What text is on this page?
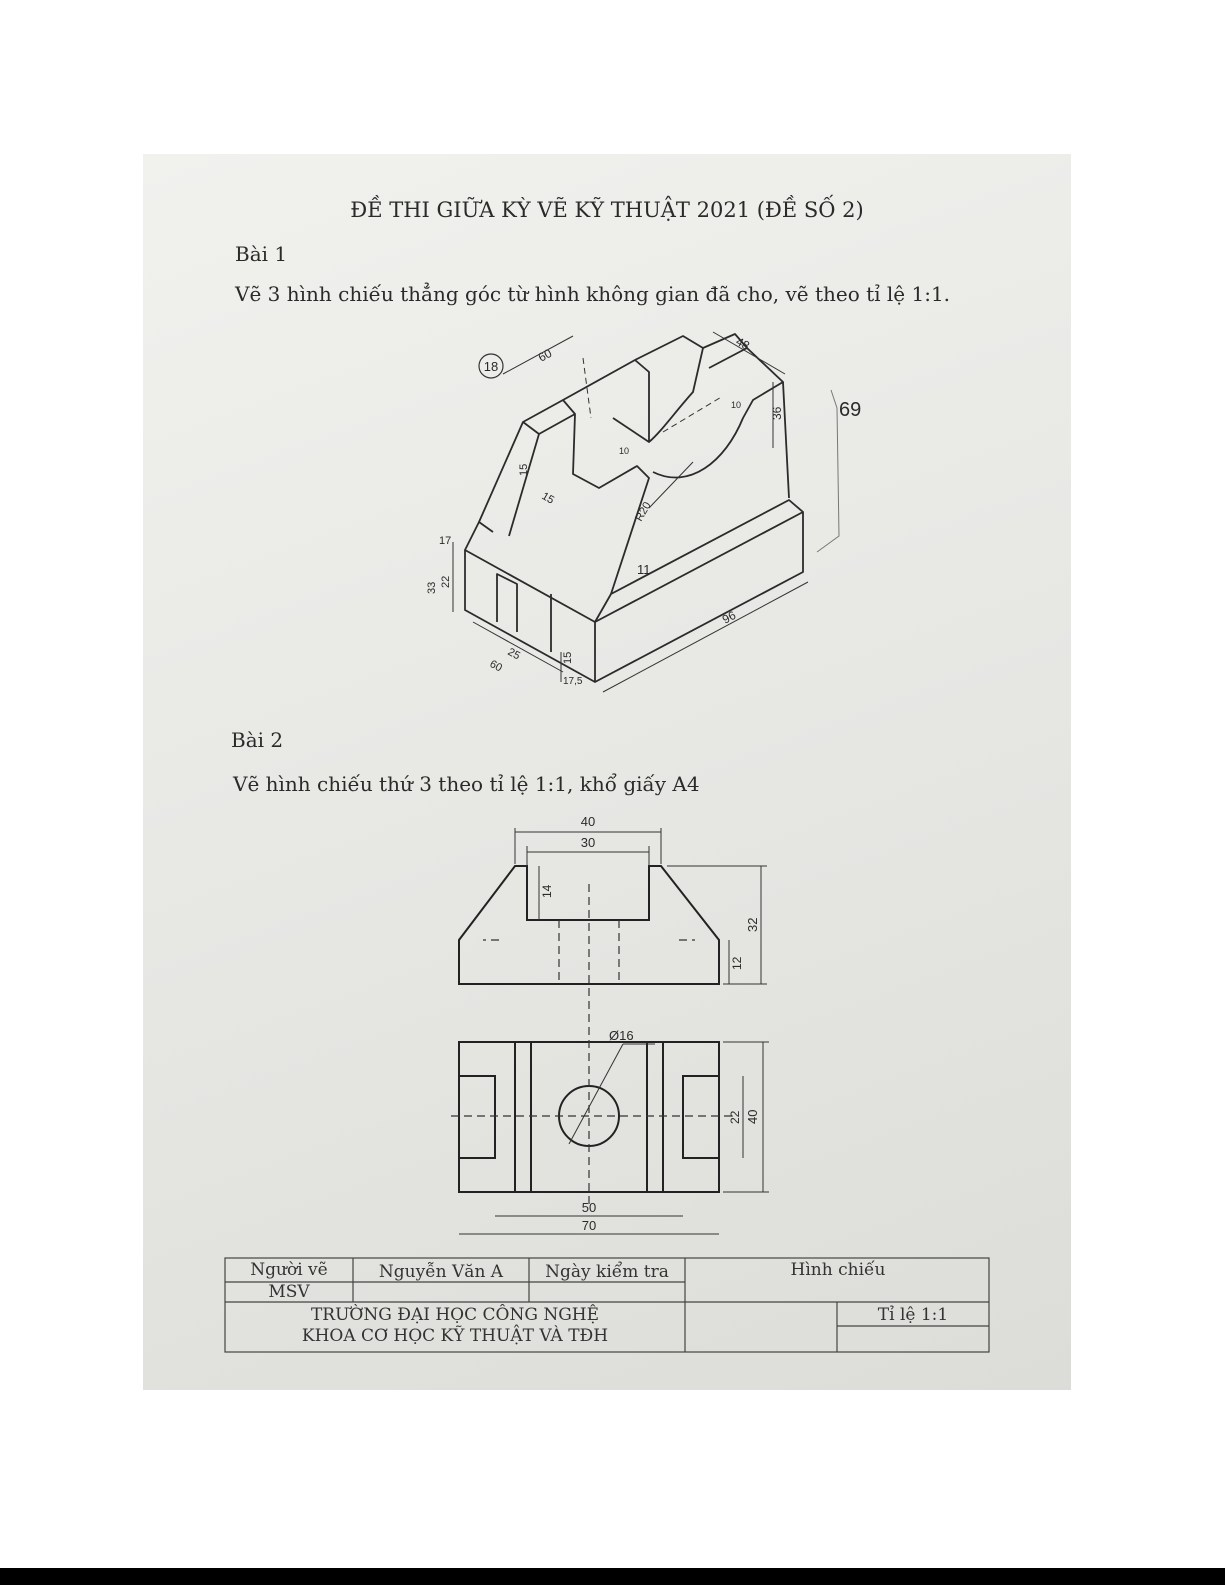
ĐỀ THI GIỮA KỲ VẼ KỸ THUẬT 2021 (ĐỀ SỐ 2)
Bài 1
Vẽ 3 hình chiếu thẳng góc từ hình không gian đã cho, vẽ theo tỉ lệ 1:1.
18
60
48
36	69
15
15
10
10
R20
11
33 22
17
25
60
15
17,5
96
Bài 2
Vẽ hình chiếu thứ 3 theo tỉ lệ 1:1, khổ giấy A4
40
30
14
32
12
Ø16
22 40
50
70
Người vẽ	Nguyễn Văn A	Ngày kiểm tra	Hình chiếu
MSV
TRƯỜNG ĐẠI HỌC CÔNG NGHỆ
KHOA CƠ HỌC KỸ THUẬT VÀ TĐH
Tỉ lệ 1:1
